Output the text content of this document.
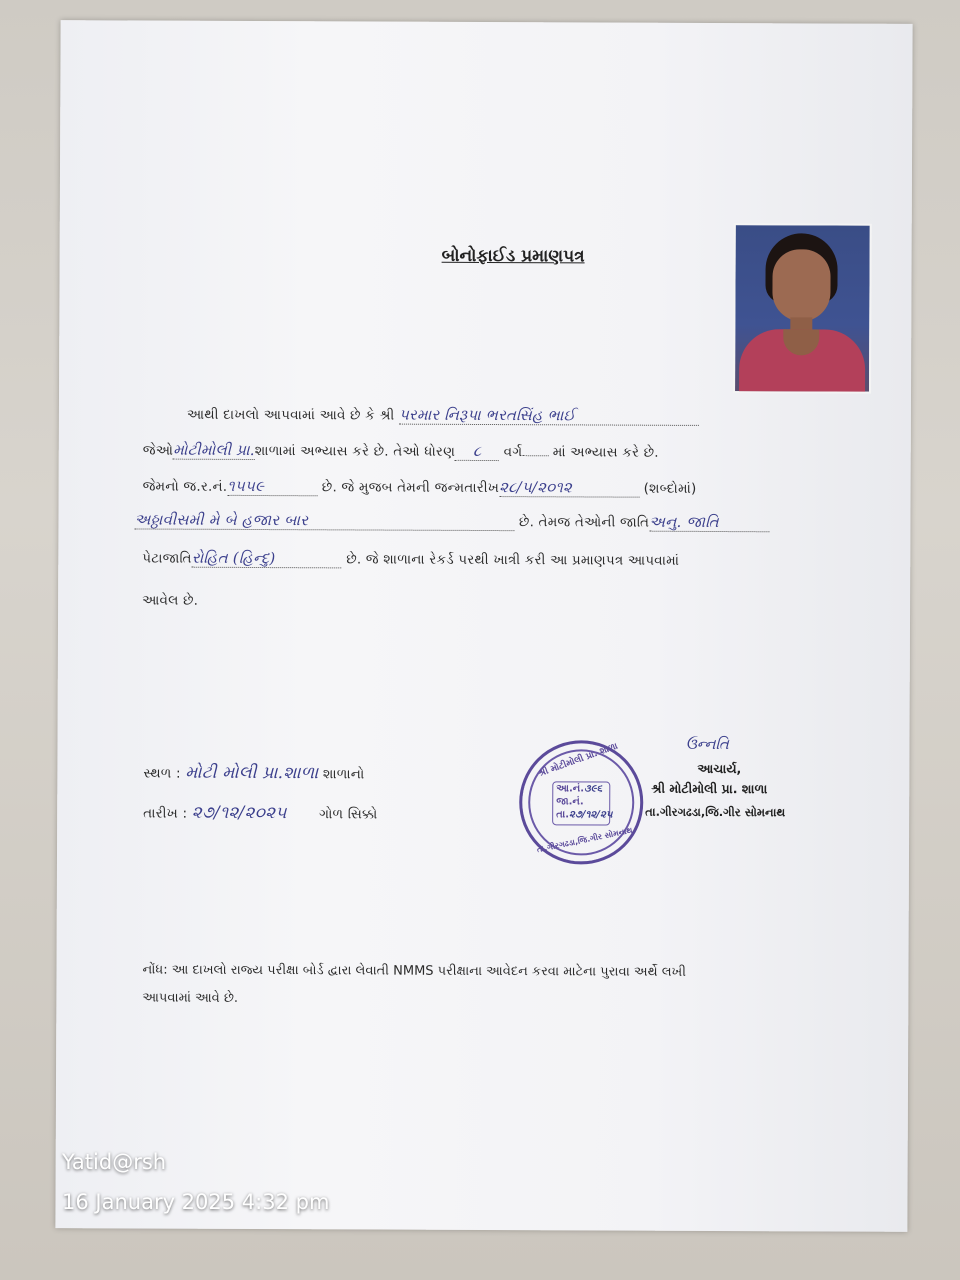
બોનોફાઈડ પ્રમાણપત્ર
આથી દાખલો આપવામાં આવે છે કે શ્રી પરમાર નિરૂપા ભરતસિંહ ભાઈ
જેઓમોટીમોલી પ્રા.શાળામાં અભ્યાસ કરે છે. તેઓ ધોરણ ૮ વર્ગ માં અભ્યાસ કરે છે.
જેમનો જ.ર.નં.૧૫૫૯	છે. જે મુજબ તેમની જન્મતારીખ૨૮/૫/૨૦૧૨	(શબ્દોમાં)
અઠ્ઠાવીસમી મે બે હજાર બાર	છે. તેમજ તેઓની જાતિઅનુ. જાતિ
પેટાજાતિરોહિત (હિન્દુ)	છે. જે શાળાના રેકર્ડ પરથી ખાત્રી કરી આ પ્રમાણપત્ર આપવામાં
આવેલ છે.
સ્થળ : મોટી મોલી પ્રા.શાળા શાળાનો
તારીખ : ૨૭/૧૨/૨૦૨૫ ગોળ સિક્કો
શ્રી મોટીમોલી પ્રા. શાળા
આ.નં.૩૯૬
જા.નં.
તા.૨૭/૧૨/૨૫
તા.ગીરગઢડા,જિ.ગીર સોમનાથ
ઉન્નતિ
આચાર્ય,
શ્રી મોટીમોલી પ્રા. શાળા
તા.ગીરગઢડા,જિ.ગીર સોમનાથ
નોંધ: આ દાખલો રાજ્ય પરીક્ષા બોર્ડ દ્વારા લેવાતી NMMS પરીક્ષાના આવેદન કરવા માટેના પુરાવા અર્થે લખી
આપવામાં આવે છે.
Yatid@rsh
16 January 2025 4:32 pm
